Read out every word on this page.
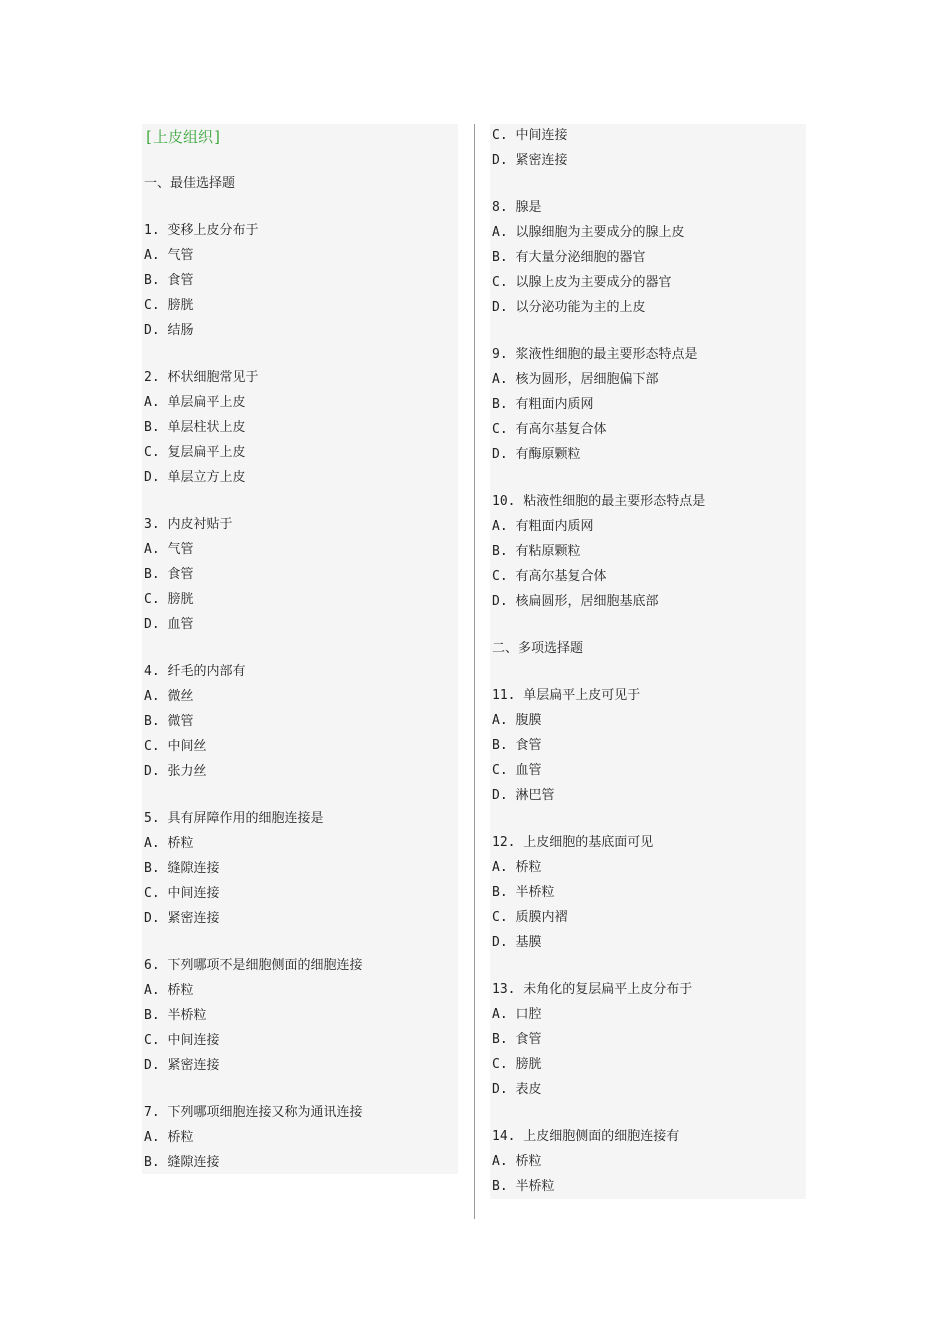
[上皮组织]
一、最佳选择题
1. 变移上皮分布于
A. 气管
B. 食管
C. 膀胱
D. 结肠
2. 杯状细胞常见于
A. 单层扁平上皮
B. 单层柱状上皮
C. 复层扁平上皮
D. 单层立方上皮
3. 内皮衬贴于
A. 气管
B. 食管
C. 膀胱
D. 血管
4. 纤毛的内部有
A. 微丝
B. 微管
C. 中间丝
D. 张力丝
5. 具有屏障作用的细胞连接是
A. 桥粒
B. 缝隙连接
C. 中间连接
D. 紧密连接
6. 下列哪项不是细胞侧面的细胞连接
A. 桥粒
B. 半桥粒
C. 中间连接
D. 紧密连接
7. 下列哪项细胞连接又称为通讯连接
A. 桥粒
B. 缝隙连接
C. 中间连接
D. 紧密连接
8. 腺是
A. 以腺细胞为主要成分的腺上皮
B. 有大量分泌细胞的器官
C. 以腺上皮为主要成分的器官
D. 以分泌功能为主的上皮
9. 浆液性细胞的最主要形态特点是
A. 核为圆形，居细胞偏下部
B. 有粗面内质网
C. 有高尔基复合体
D. 有酶原颗粒
10. 粘液性细胞的最主要形态特点是
A. 有粗面内质网
B. 有粘原颗粒
C. 有高尔基复合体
D. 核扁圆形，居细胞基底部
二、多项选择题
11. 单层扁平上皮可见于
A. 腹膜
B. 食管
C. 血管
D. 淋巴管
12. 上皮细胞的基底面可见
A. 桥粒
B. 半桥粒
C. 质膜内褶
D. 基膜
13. 未角化的复层扁平上皮分布于
A. 口腔
B. 食管
C. 膀胱
D. 表皮
14. 上皮细胞侧面的细胞连接有
A. 桥粒
B. 半桥粒
